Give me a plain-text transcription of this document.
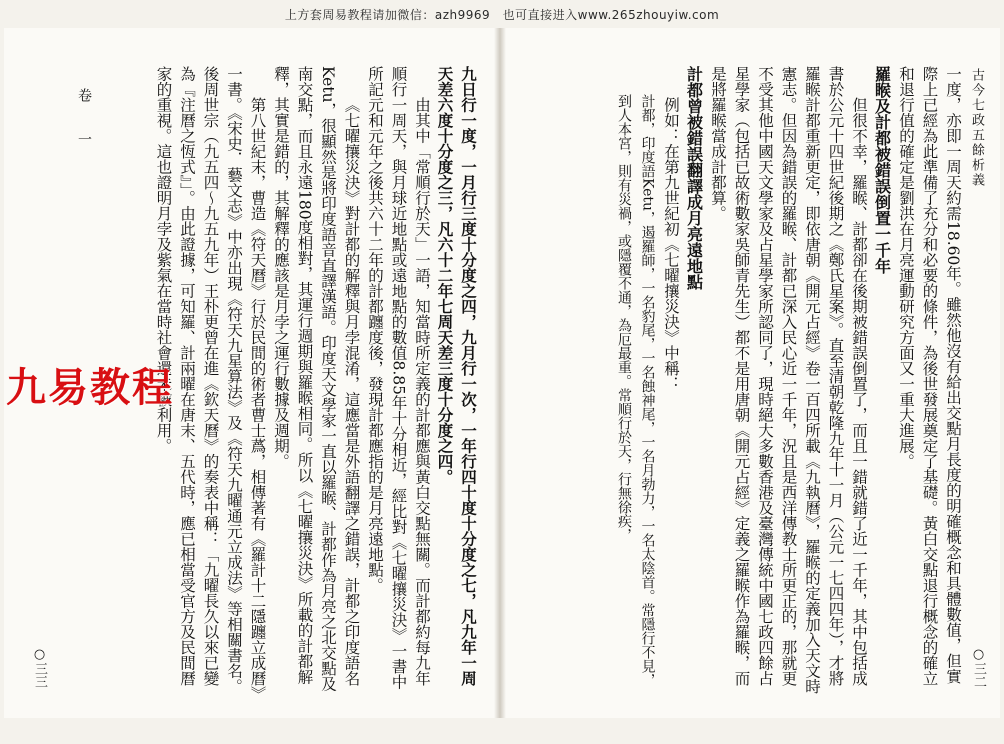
上方套周易教程请加微信：azh9969　也可直接进入www.265zhouyiw.com

九日行一度，一月行三度十分度之四，九月行一次，一年行四十度十分度之七，凡九年一周天差六度十分度之三，凡六十二年七周天差三度十分度之四。

由其中「常順行於天」一語，知當時所定義的計都應與黃白交點無關。而計都約每九年順行一周天，與月球近地點或遠地點的數值8.85年十分相近，經比對《七曜攘災決》一書中所記元和元年之後共六十二年的計都躔度後，發現計都應指的是月亮遠地點。

《七曜攘災決》對計都的解釋與月孛混淆，這應當是外語翻譯之錯誤，計都之印度語名Ketu，很顯然是將印度語音直譯漢語。印度天文學家一直以羅睺、計都作為月亮之北交點及南交點，而且永遠180度相對，其運行週期與羅睺相同。所以《七曜攘災決》所載的計都解釋，其實是錯的，其解釋的應該是月孛之運行數據及週期。

第八世紀末，曹造《符天曆》行於民間的術者曹士蔿，相傳著有《羅計十二隱躔立成曆》一書。《宋史．藝文志》中亦出現《符天九星算法》及《符天九曜通元立成法》等相關書名。後周世宗（九五四～九五九年）王朴更曾在進《欽天曆》的奏表中稱：「九曜長久以來已變為『注曆之恆式』」。由此證據，可知羅、計兩曜在唐末、五代時，應已相當受官方及民間曆家的重視。這也證明月孛及紫氣在當時社會還未被利用。

卷一
○三三
古今七政五餘析義

一度，亦即一周天約需18.60年。雖然他沒有給出交點月長度的明確概念和具體數值，但實際上已經為此準備了充分和必要的條件，為後世發展奠定了基礎。黃白交點退行概念的確立和退行值的確定是劉洪在月亮運動研究方面又一重大進展。

羅睺及計都被錯誤倒置一千年

但很不幸，羅睺、計都卻在後期被錯誤倒置了，而且一錯就錯了近一千年，其中包括成書於公元十四世紀後期之《鄭氏星案》。直至清朝乾隆九年十一月（公元一七四四年），才將羅睺計都重新更定，即依唐朝《開元占經》卷一百四所載《九執曆》，羅睺的定義加入天文時憲志。但因為錯誤的羅睺、計都已深入民心近一千年，況且是西洋傳教士所更正的，那就更不受其他中國天文學家及占星學家所認同了，現時絕大多數香港及臺灣傳統中國七政四餘占星學家（包括已故術數家吳師青先生）都不是用唐朝《開元占經》定義之羅睺作為羅睺，而是將羅睺當成計都算。

計都曾被錯誤翻譯成月亮遠地點

例如：在第九世紀初《七曜攘災決》中稱：

計都，印度語Ketu，遏羅師，一名豹尾，一名蝕神尾，一名月勃力，一名太陰首。常隱行不見，到人本宮，則有災禍，或隱覆不通，為厄最重。常順行於天，行無徐疾，

○三二
九易教程
